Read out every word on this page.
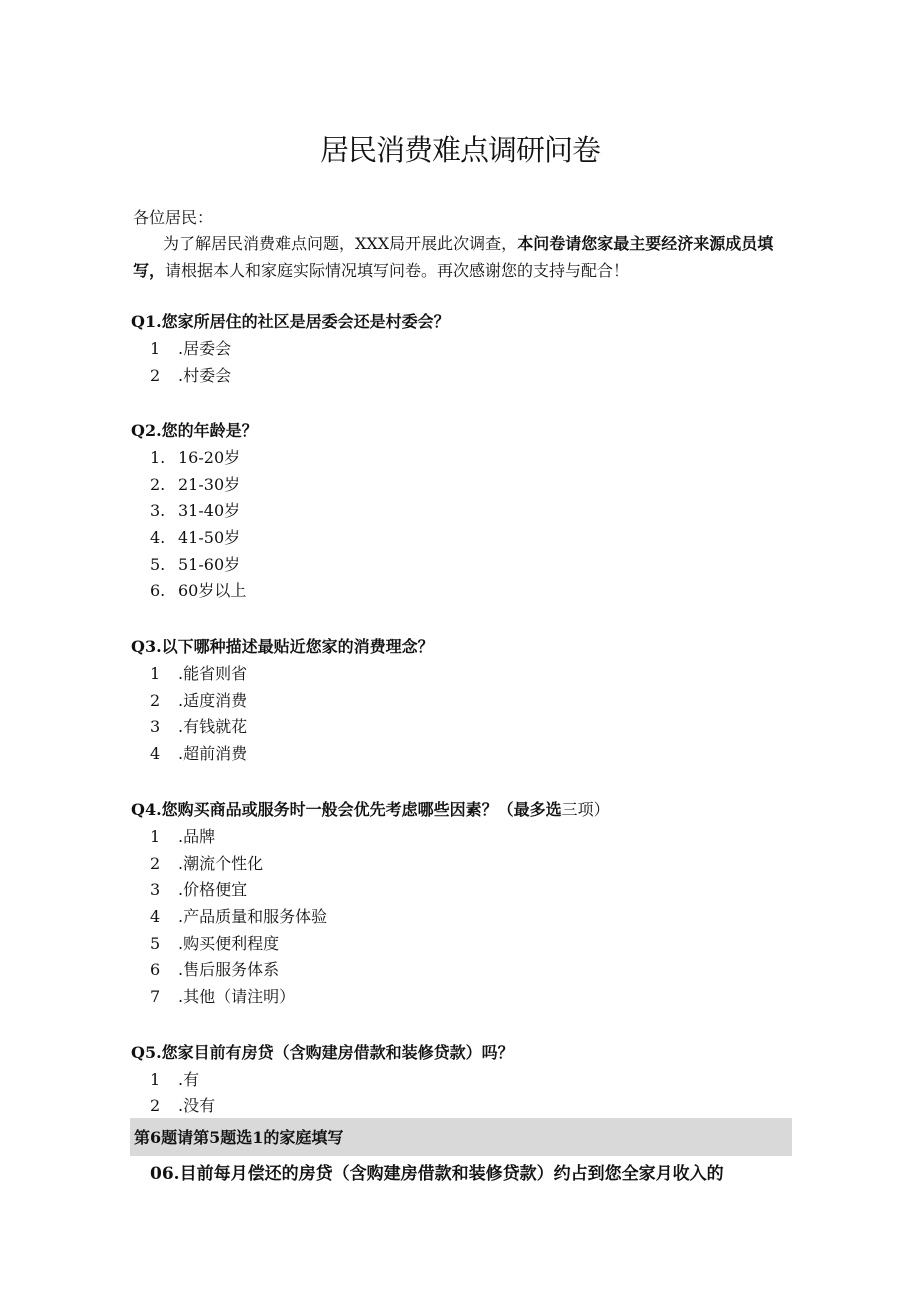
居民消费难点调研问卷
各位居民：
为了解居民消费难点问题，XXX局开展此次调查，本问卷请您家最主要经济来源成员填写，请根据本人和家庭实际情况填写问卷。再次感谢您的支持与配合！
Q1.您家所居住的社区是居委会还是村委会？
1 .居委会
2 .村委会
Q2.您的年龄是？
1. 16-20岁
2. 21-30岁
3. 31-40岁
4. 41-50岁
5. 51-60岁
6. 60岁以上
Q3.以下哪种描述最贴近您家的消费理念？
1 .能省则省
2 .适度消费
3 .有钱就花
4 .超前消费
Q4.您购买商品或服务时一般会优先考虑哪些因素？（最多选三项）
1 .品牌
2 .潮流个性化
3 .价格便宜
4 .产品质量和服务体验
5 .购买便利程度
6 .售后服务体系
7 .其他（请注明）
Q5.您家目前有房贷（含购建房借款和装修贷款）吗？
1 .有
2 .没有
第6题请第5题选1的家庭填写
06.目前每月偿还的房贷（含购建房借款和装修贷款）约占到您全家月收入的
